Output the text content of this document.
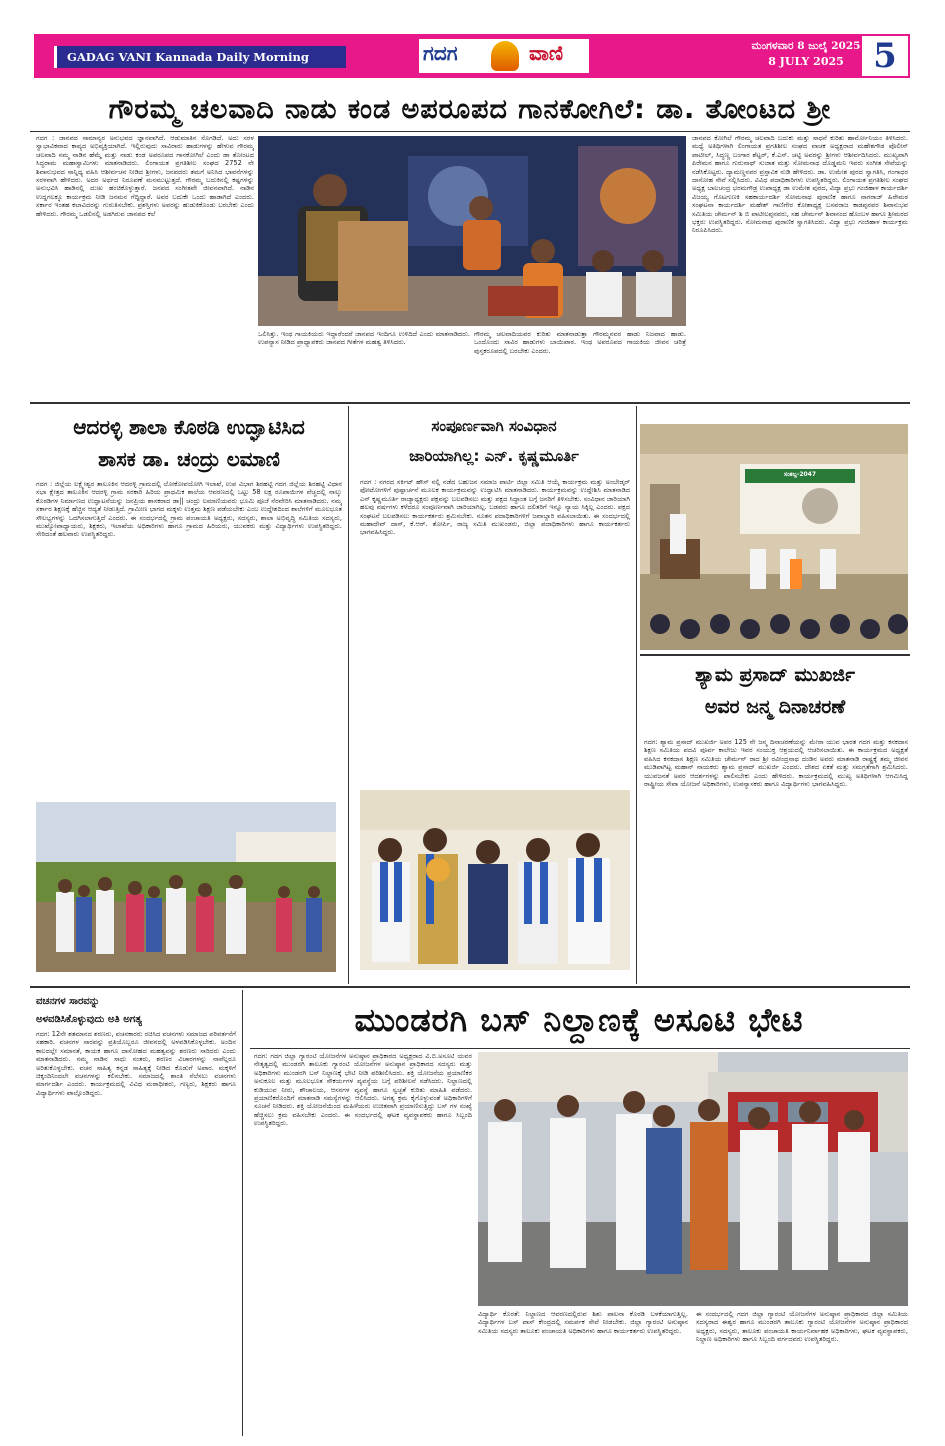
GADAG VANI Kannada Daily Morning	ಗದಗ	ವಾಣಿ	ಮಂಗಳವಾರ 8 ಜುಲೈ 2025
8 JULY 2025 5
ಗೌರಮ್ಮ ಚಲವಾದಿ ನಾಡು ಕಂಡ ಅಪರೂಪದ ಗಾನಕೋಗಿಲೆ: ಡಾ. ತೋಂಟದ ಶ್ರೀ
ಗದಗ : ಜಾನಪದ ಸಾಮಾನ್ಯರ ಅನುಭವದ ಜ್ಞಾನವಾಗಿದೆ. ಆಡುಮಾತಿನ ಸೊಗಡಿದೆ. ಅದು ಸರಳ ಸ್ವಾಭಾವಿಕವಾದ ಕಾವ್ಯದ ಅಭಿವ್ಯಕ್ತಿಯಾಗಿದೆ. ಇಲ್ಲಿರುವುದು ಸಾವಿರಾರು ಹಾಡುಗಳನ್ನು ಹೇಳುವ ಗೌರಮ್ಮ ಚಲವಾದಿ ನಮ್ಮ ನಾಡಿನ ಹೆಮ್ಮೆ ಮತ್ತು ನಾಡು ಕಂಡ ಅಪರೂಪದ ಗಾನಕೋಗಿಲೆ ಎಂದು ಡಾ ತೋಂಟದ ಸಿದ್ಧರಾಮ ಮಹಾಸ್ವಾಮಿಗಳು ಮಾತನಾಡಿದರು. ಲಿಂಗಾಯತ ಪ್ರಗತಿಶೀಲ ಸಂಘದ 2752 ನೇ ಶಿವಾನುಭವದ ಸಾನ್ನಿಧ್ಯ ವಹಿಸಿ ಆಶೀರ್ವಚನ ನೀಡಿದ ಶ್ರೀಗಳು, ಜನಪದರು ತಮಗೆ ಅನಿಸಿದ ಭಾವನೆಗಳನ್ನು ಸರಳವಾಗಿ ಹೇಳಿದರು. ಅದರ ಅರ್ಥದ ನಿರೂಪಣೆ ಮನಮುಟ್ಟುತ್ತದೆ. ಗೌರಮ್ಮ ಬದುಕಿನಲ್ಲಿ ಕಷ್ಟಗಳನ್ನು ಅನುಭವಿಸಿ ಹಾಡಿನಲ್ಲಿ ದುಃಖ ಹಂಚಿಕೊಳ್ಳುತ್ತಾರೆ. ಜನಪದ ಸಂಗೀತವೇ ಜೀವನವಾಗಿದೆ. ನಾಡಿನ ಉದ್ದಗಲಕ್ಕೂ ಕಾರ್ಯಕ್ರಮ ನೀಡಿ ಜನಮನ ಗೆದ್ದಿದ್ದಾರೆ. ಅವರ ಬದುಕೇ ಒಂದು ಹಾಡಾಗಿದೆ ಎಂದರು. ಸರ್ಕಾರ ಇಂತಹ ಕಲಾವಿದರನ್ನು ಗುರುತಿಸಬೇಕು. ಪ್ರಶಸ್ತಿಗಳು ಅವರನ್ನು ಹುಡುಕಿಕೊಂಡು ಬರಬೇಕು ಎಂದು ಹೇಳಿದರು. ಗೌರಮ್ಮ ಒಡಲಿನಲ್ಲಿ ಅಡಗಿರುವ ಜಾನಪದ ಕಲೆ
ಒಲಿಸಿತ್ತು. ಇಂಥ ಗಾಯಕಿಯರು ಇದ್ದಾರೆಂದರೆ ಜಾನಪದ ಇಂದಿಗೂ ಉಳಿದಿದೆ ಎಂದು ಮಾತನಾಡಿದರು. ಉಪನ್ಯಾಸ ನೀಡಿದ ಪ್ರಾಧ್ಯಾಪಕರು ಜಾನಪದ ಗೀತೆಗಳ ಮಹತ್ವ ತಿಳಿಸಿದರು.
ಗೌರಮ್ಮ ಚಲವಾದಿಯವರ ಕುರಿತು ಮಾತನಾಡುತ್ತಾ ಗೌರಮ್ಮನವರ ಹಾಡು ನಿಜವಾದ ಹಾಡು. ಒಂದೊಂದು ಸಾವಿರ ಹಾಡುಗಳು ಬಾಯಿಪಾಠ. ಇಂಥ ಅಪರೂಪದ ಗಾಯಕಿಯ ಜೀವನ ಚರಿತ್ರೆ ಪುಸ್ತಕರೂಪದಲ್ಲಿ ಬರಬೇಕು ಎಂದರು.
ಜಾನಪದ ಕೋಗಿಲೆ ಗೌರಮ್ಮ ಚಲವಾದಿ ಬದುಕು ಮತ್ತು ಸಾಧನೆ ಕುರಿತು ಹಾರ್ಮೋನಿಯಂ ತಿಳಿಸಿದರು. ಮಧ್ಯೆ ಅತಿಥಿಗಳಾಗಿ ಲಿಂಗಾಯತ ಪ್ರಗತಿಶೀಲ ಸಂಘದ ವಾಚಕ ಅಧ್ಯಕ್ಷರಾದ ಮಹೇಶಗೌಡ ಪೊಲೀಸ್ ಪಾಟೀಲ್, ಸಿದ್ಧಣ್ಣ ಬಂಗಾರ ಶೆಟ್ಟರ್, ಕೆ.ಎಸ್. ಚಟ್ಟಿ ಅವರನ್ನು ಶ್ರೀಗಳು ಆಶೀರ್ವದಿಸಿದರು. ಮುಖ್ಯವಾಗಿ ಪಿರೇಮನ ಹಾಗೂ ಗುರುನಾಥ್ ಸುಜಾತ ಮತ್ತು ಸೋಮನಾಥ ದೊಡ್ಡಮನಿ ಇವರು ಸಂಗೀತ ಸೇವೆಯನ್ನು ನಡೆಸಿಕೊಟ್ಟರು. ದ್ಯಾಮಣ್ಣನವರ ಪ್ರಸ್ತಾವಿಕ ನುಡಿ ಹೇಳಿದರು. ಡಾ. ಉಮೇಶ ಪುರದ ಸ್ವಾಗತಿಸಿ, ಗಂಗಾಧರ ದಾಸೋಹ ಸೇವೆ ಸಲ್ಲಿಸಿದರು. ವಿವಿಧ ಪದಾಧಿಕಾರಿಗಳು ಉಪಸ್ಥಿತರಿದ್ದರು. ಲಿಂಗಾಯತ ಪ್ರಗತಿಶೀಲ ಸಂಘದ ಅಧ್ಯಕ್ಷ ಬಾಲಚಂದ್ರ ಭರಮಗೌಡ್ರ ಉಪಾಧ್ಯಕ್ಷ ಡಾ ಉಮೇಶ ಪುರದ, ವಿದ್ಯಾ ಪ್ರಭು ಗಂಜಿಹಾಳ ಕಾರ್ಯದರ್ಶಿ ವಿಜಯ್ಯ ಗೊಟಗುಣಕಿ ಸಹಕಾರ್ಯದರ್ಶಿ ಸೋಮನಾಥ ಪುರಾಣಿಕ ಹಾಗೂ ನಾಗರಾಜ್ ಹಿರೇಮಠ ಸಂಘಟನಾ ಕಾರ್ಯದರ್ಶಿ ಮಹೇಶ್ ಗಾಣಿಗೇರ ಕೋಶಾಧ್ಯಕ್ಷ ಬಸವರಾಜ ಕಾಡಪ್ಪನವರ ಶಿವಾನುಭವ ಸಮಿತಿಯ ಚೇರ್ಮನ್ ಶಿ ಬಿ ಪಾಟೀಲಪ್ಪನವರು, ಸಹ ಚೇರ್ಮನ್ ಶಿವಾನಂದ ಹೊಂಬಳ ಹಾಗೂ ಶ್ರೀಮಠದ ಭಕ್ತರು ಉಪಸ್ಥಿತರಿದ್ದರು. ಸೋಮನಾಥ ಪುರಾಣಿಕ ಸ್ವಾಗತಿಸಿದರು. ವಿದ್ಯಾ ಪ್ರಭು ಗಂಜಿಹಾಳ ಕಾರ್ಯಕ್ರಮ ನಿರೂಪಿಸಿದರು.
ಆದರಳ್ಳಿ ಶಾಲಾ ಕೊಠಡಿ ಉದ್ಘಾಟಿಸಿದ
ಶಾಸಕ ಡಾ. ಚಂದ್ರು ಲಮಾಣಿ
ಗದಗ : ಜಿಲ್ಲೆಯ ಲಕ್ಷ್ಮೇಶ್ವರ ತಾಲೂಕಿನ ಆದರಳ್ಳಿ ಗ್ರಾಮದಲ್ಲಿ ಲೋಕೋಪಯೋಗಿ ಇಲಾಖೆ, ಉಪ ವಿಭಾಗ ಶಿರಹಟ್ಟಿ ಗದಗ ಜಿಲ್ಲೆಯ ಶಿರಹಟ್ಟಿ ವಿಧಾನ ಸಭಾ ಕ್ಷೇತ್ರದ ತಾಲೂಕಿನ ಆದರಳ್ಳಿ ಗ್ರಾಮ ಸರಕಾರಿ ಹಿರಿಯ ಪ್ರಾಥಮಿಕ ಶಾಲೆಯ ಆವರಣದಲ್ಲಿ ಒಟ್ಟು 58 ಲಕ್ಷ ರೂಪಾಯಿಗಳ ವೆಚ್ಚದಲ್ಲಿ ನಾಲ್ಕು ಕೊಠಡಿಗಳ ನಿರ್ಮಾಣದ ಉದ್ಘಾಟನೆಯನ್ನು ಜನಪ್ರಿಯ ಶಾಸಕರಾದ ಡಾ|| ಚಂದ್ರು ಲಮಾಣಿಯವರು ಭೂಮಿ ಪೂಜೆ ನೆರವೇರಿಸಿ ಮಾತನಾಡಿದರು. ನಮ್ಮ ಸರ್ಕಾರ ಶಿಕ್ಷಣಕ್ಕೆ ಹೆಚ್ಚಿನ ಆದ್ಯತೆ ನೀಡುತ್ತಿದೆ. ಗ್ರಾಮೀಣ ಭಾಗದ ಮಕ್ಕಳು ಉತ್ತಮ ಶಿಕ್ಷಣ ಪಡೆಯಬೇಕು ಎಂಬ ಉದ್ದೇಶದಿಂದ ಶಾಲೆಗಳಿಗೆ ಮೂಲಭೂತ ಸೌಲಭ್ಯಗಳನ್ನು ಒದಗಿಸಲಾಗುತ್ತಿದೆ ಎಂದರು. ಈ ಸಂದರ್ಭದಲ್ಲಿ ಗ್ರಾಮ ಪಂಚಾಯತಿ ಅಧ್ಯಕ್ಷರು, ಸದಸ್ಯರು, ಶಾಲಾ ಅಭಿವೃದ್ಧಿ ಸಮಿತಿಯ ಸದಸ್ಯರು, ಮುಖ್ಯೋಪಾಧ್ಯಾಯರು, ಶಿಕ್ಷಕರು, ಇಲಾಖೆಯ ಅಧಿಕಾರಿಗಳು ಹಾಗೂ ಗ್ರಾಮದ ಹಿರಿಯರು, ಯುವಕರು ಮತ್ತು ವಿದ್ಯಾರ್ಥಿಗಳು ಉಪಸ್ಥಿತರಿದ್ದರು. ಸೇರಿದಂತೆ ಹಲವಾರು ಉಪಸ್ಥಿತರಿದ್ದರು.
ಸಂಪೂರ್ಣವಾಗಿ ಸಂವಿಧಾನ
ಜಾರಿಯಾಗಿಲ್ಲ: ಎನ್. ಕೃಷ್ಣಮೂರ್ತಿ
ಗದಗ : ನಗರದ ಸರ್ಕಿಟ್ ಹೌಸ್ ನಲ್ಲಿ ನಡೆದ ಬಹುಜನ ಸಮಾಜ ಪಾರ್ಟಿ ಜಿಲ್ಲಾ ಸಮಿತಿ ಆಯ್ಕೆ ಕಾರ್ಯಕ್ರಮ ಮತ್ತು ಅಂಬೇಡ್ಕರ್ ಫೋಟೋಗಳಿಗೆ ಪುಷ್ಪಾರ್ಚನೆ ಮೂಲಕ ಕಾರ್ಯಕ್ರಮವನ್ನು ಉದ್ಘಾಟಿಸಿ ಮಾತನಾಡಿದರು. ಕಾರ್ಯಕ್ರಮವನ್ನು ಉದ್ದೇಶಿಸಿ ಮಾತನಾಡಿದ ಎನ್ ಕೃಷ್ಣಮೂರ್ತಿ ರಾಜ್ಯಾಧ್ಯಕ್ಷರು ಪಕ್ಷವನ್ನು ಬಲಪಡಿಸಲು ಮತ್ತು ಪಕ್ಷದ ಸಿದ್ಧಾಂತ ಬಗ್ಗೆ ಜನರಿಗೆ ತಿಳಿಸಬೇಕು. ಸಂವಿಧಾನ ಜಾರಿಯಾಗಿ ಹಲವು ವರ್ಷಗಳು ಕಳೆದರೂ ಸಂಪೂರ್ಣವಾಗಿ ಜಾರಿಯಾಗಿಲ್ಲ. ಬಡವರು ಹಾಗೂ ದಲಿತರಿಗೆ ಇನ್ನೂ ನ್ಯಾಯ ಸಿಕ್ಕಿಲ್ಲ ಎಂದರು. ಪಕ್ಷದ ಸಂಘಟನೆ ಬಲಪಡಿಸಲು ಕಾರ್ಯಕರ್ತರು ಶ್ರಮಿಸಬೇಕು. ನೂತನ ಪದಾಧಿಕಾರಿಗಳಿಗೆ ಜವಾಬ್ದಾರಿ ವಹಿಸಲಾಯಿತು. ಈ ಸಂದರ್ಭದಲ್ಲಿ ಮಹಾದೇವ್ ದಾಸ್, ಕೆ.ಆರ್. ತೋರ್ಪಿ, ರಾಜ್ಯ ಸಮಿತಿ ಮುಖಂಡರು, ಜಿಲ್ಲಾ ಪದಾಧಿಕಾರಿಗಳು ಹಾಗೂ ಕಾರ್ಯಕರ್ತರು ಭಾಗವಹಿಸಿದ್ದರು.
ಸಂಕಲ್ಪ-2047
ಶ್ಯಾಮ ಪ್ರಸಾದ್ ಮುಖರ್ಜಿ
ಅವರ ಜನ್ಮ ದಿನಾಚರಣೆ
ಗದಗ: ಶ್ಯಾಮ ಪ್ರಸಾದ್ ಮುಖರ್ಜಿ ಅವರ 125 ನೇ ಜನ್ಮ ದಿನಾಚರಣೆಯನ್ನು ಮೇರಾ ಯುವ ಭಾರತ ಗದಗ ಮತ್ತು ಕನಕದಾಸ ಶಿಕ್ಷಣ ಸಮಿತಿಯ ಪದವಿ ಪೂರ್ವ ಕಾಲೇಜು ಇವರ ಸಂಯುಕ್ತ ಆಶ್ರಯದಲ್ಲಿ ಆಚರಿಸಲಾಯಿತು. ಈ ಕಾರ್ಯಕ್ರಮದ ಅಧ್ಯಕ್ಷತೆ ವಹಿಸಿದ ಕನಕದಾಸ ಶಿಕ್ಷಣ ಸಮಿತಿಯ ಚೇರ್ಮನ್ ರಾದ ಶ್ರೀ ರವೀಂದ್ರನಾಥ ದಂಡಿನ ಅವರು ಮಾತನಾಡಿ ರಾಷ್ಟ್ರಕ್ಕೆ ತಮ್ಮ ಜೀವನ ಮುಡಿಪಾಗಿಟ್ಟ ಮಹಾನ್ ನಾಯಕರು ಶ್ಯಾಮ ಪ್ರಸಾದ್ ಮುಖರ್ಜಿ ಎಂದರು. ದೇಶದ ಏಕತೆ ಮತ್ತು ಸಮಗ್ರತೆಗಾಗಿ ಶ್ರಮಿಸಿದರು. ಯುವಜನತೆ ಅವರ ಆದರ್ಶಗಳನ್ನು ಪಾಲಿಸಬೇಕು ಎಂದು ಹೇಳಿದರು. ಕಾರ್ಯಕ್ರಮದಲ್ಲಿ ಮುಖ್ಯ ಅತಿಥಿಗಳಾಗಿ ಆಗಮಿಸಿದ್ದ ರಾಷ್ಟ್ರೀಯ ಸೇವಾ ಯೋಜನೆ ಅಧಿಕಾರಿಗಳು, ಉಪನ್ಯಾಸಕರು ಹಾಗೂ ವಿದ್ಯಾರ್ಥಿಗಳು ಭಾಗವಹಿಸಿದ್ದರು.
ವಚನಗಳ ಸಾರವನ್ನು
ಅಳವಡಿಸಿಕೊಳ್ಳುವುದು ಅತಿ ಅಗತ್ಯ
ಗದಗ: 12ನೇ ಶತಮಾನದ ಶರಣರು, ವಚನಕಾರರು ರಚಿಸಿದ ವಚನಗಳು ಸಮಾಜದ ಪರಿವರ್ತನೆಗೆ ಸಹಕಾರಿ. ವಚನಗಳ ಸಾರವನ್ನು ಪ್ರತಿಯೊಬ್ಬರೂ ಜೀವನದಲ್ಲಿ ಅಳವಡಿಸಿಕೊಳ್ಳಬೇಕು. ಅಂದಿನ ಕಾಲದಲ್ಲೇ ಸಮಾನತೆ, ಕಾಯಕ ಹಾಗೂ ದಾಸೋಹದ ಮಹತ್ವವನ್ನು ಶರಣರು ಸಾರಿದರು ಎಂದು ಮಾತನಾಡಿದರು. ನಮ್ಮ ನಾಡಿನ ಸಾಧು ಸಂತರು, ಶರಣರ ವಿಚಾರಗಳನ್ನು ನಾವೆಲ್ಲರೂ ಅರಿತುಕೊಳ್ಳಬೇಕು. ವಚನ ಸಾಹಿತ್ಯ ಕನ್ನಡ ಸಾಹಿತ್ಯಕ್ಕೆ ನೀಡಿದ ಕೊಡುಗೆ ಅಪಾರ. ಮಕ್ಕಳಿಗೆ ಚಿಕ್ಕಂದಿನಿಂದಲೇ ವಚನಗಳನ್ನು ಕಲಿಸಬೇಕು. ಸಮಾಜದಲ್ಲಿ ಶಾಂತಿ ನೆಲೆಸಲು ವಚನಗಳು ಮಾರ್ಗದರ್ಶಿ ಎಂದರು. ಕಾರ್ಯಕ್ರಮದಲ್ಲಿ ವಿವಿಧ ಮಠಾಧೀಶರು, ಗಣ್ಯರು, ಶಿಕ್ಷಕರು ಹಾಗೂ ವಿದ್ಯಾರ್ಥಿಗಳು ಪಾಲ್ಗೊಂಡಿದ್ದರು.
ಮುಂಡರಗಿ ಬಸ್ ನಿಲ್ದಾಣಕ್ಕೆ ಅಸೂಟಿ ಭೇಟಿ
ಗದಗ: ಗದಗ ಜಿಲ್ಲಾ ಗ್ಯಾರಂಟಿ ಯೋಜನೆಗಳ ಅನುಷ್ಠಾನ ಪ್ರಾಧಿಕಾರದ ಅಧ್ಯಕ್ಷರಾದ ವಿ.ಬಿ.ಅಸೂಟಿ ಯವರ ನೇತೃತ್ವದಲ್ಲಿ ಮುಂಡರಗಿ ತಾಲೂಕು ಗ್ಯಾರಂಟಿ ಯೋಜನೆಗಳ ಅನುಷ್ಠಾನ ಪ್ರಾಧಿಕಾರದ ಸದಸ್ಯರು ಮತ್ತು ಅಧಿಕಾರಿಗಳು ಮುಂಡರಗಿ ಬಸ್ ನಿಲ್ದಾಣಕ್ಕೆ ಭೇಟಿ ನೀಡಿ ಪರಿಶೀಲಿಸಿದರು. ಶಕ್ತಿ ಯೋಜನೆಯ ಪ್ರಯಾಣಿಕರ ಅನುಕೂಲ ಮತ್ತು ಮೂಲಭೂತ ಸೌಕರ್ಯಗಳ ವ್ಯವಸ್ಥೆಯ ಬಗ್ಗೆ ಪರಿಶೀಲನೆ ನಡೆಸಿದರು. ನಿಲ್ದಾಣದಲ್ಲಿ ಕುಡಿಯುವ ನೀರು, ಶೌಚಾಲಯ, ಆಸನಗಳ ವ್ಯವಸ್ಥೆ ಹಾಗೂ ಸ್ವಚ್ಛತೆ ಕುರಿತು ಮಾಹಿತಿ ಪಡೆದರು. ಪ್ರಯಾಣಿಕರೊಂದಿಗೆ ಮಾತನಾಡಿ ಸಮಸ್ಯೆಗಳನ್ನು ಆಲಿಸಿದರು. ಅಗತ್ಯ ಕ್ರಮ ಕೈಗೊಳ್ಳುವಂತೆ ಅಧಿಕಾರಿಗಳಿಗೆ ಸೂಚನೆ ನೀಡಿದರು. ಶಕ್ತಿ ಯೋಜನೆಯಿಂದ ಮಹಿಳೆಯರು ಉಚಿತವಾಗಿ ಪ್ರಯಾಣಿಸುತ್ತಿದ್ದು ಬಸ್ ಗಳ ಸಂಖ್ಯೆ ಹೆಚ್ಚಿಸಲು ಕ್ರಮ ವಹಿಸಬೇಕು ಎಂದರು. ಈ ಸಂದರ್ಭದಲ್ಲಿ ಘಟಕ ವ್ಯವಸ್ಥಾಪಕರು ಹಾಗೂ ಸಿಬ್ಬಂದಿ ಉಪಸ್ಥಿತರಿದ್ದರು.
ವಿದ್ಯಾರ್ಥಿ ಕೊರತೆ: ನಿಲ್ದಾಣದ ಆವರಣದಲ್ಲಿರುವ ಶಿಶು ಪಾಲನಾ ಕೊಠಡಿ ಬಳಕೆಯಾಗುತ್ತಿಲ್ಲ. ವಿದ್ಯಾರ್ಥಿಗಳ ಬಸ್ ಪಾಸ್ ಕೇಂದ್ರದಲ್ಲಿ ಸಮರ್ಪಕ ಸೇವೆ ನೀಡಬೇಕು. ಜಿಲ್ಲಾ ಗ್ಯಾರಂಟಿ ಅನುಷ್ಠಾನ ಸಮಿತಿಯ ಸದಸ್ಯರು ತಾಲೂಕು ಪಂಚಾಯತಿ ಅಧಿಕಾರಿಗಳು ಹಾಗೂ ಕಾರ್ಯಕರ್ತರು ಉಪಸ್ಥಿತರಿದ್ದರು.
ಈ ಸಂದರ್ಭದಲ್ಲಿ ಗದಗ ಜಿಲ್ಲಾ ಗ್ಯಾರಂಟಿ ಯೋಜನೆಗಳ ಅನುಷ್ಠಾನ ಪ್ರಾಧಿಕಾರದ ಜಿಲ್ಲಾ ಸಮಿತಿಯ ಸದಸ್ಯರಾದ ಈಶ್ವರ ಹಾಗೂ ಮುಂಡರಗಿ ತಾಲೂಕು ಗ್ಯಾರಂಟಿ ಯೋಜನೆಗಳ ಅನುಷ್ಠಾನ ಪ್ರಾಧಿಕಾರದ ಅಧ್ಯಕ್ಷರು, ಸದಸ್ಯರು, ತಾಲೂಕು ಪಂಚಾಯತಿ ಕಾರ್ಯನಿರ್ವಾಹಕ ಅಧಿಕಾರಿಗಳು, ಘಟಕ ವ್ಯವಸ್ಥಾಪಕರು, ನಿಲ್ದಾಣ ಅಧಿಕಾರಿಗಳು ಹಾಗೂ ಸಿಬ್ಬಂದಿ ವರ್ಗದವರು ಉಪಸ್ಥಿತರಿದ್ದರು.
